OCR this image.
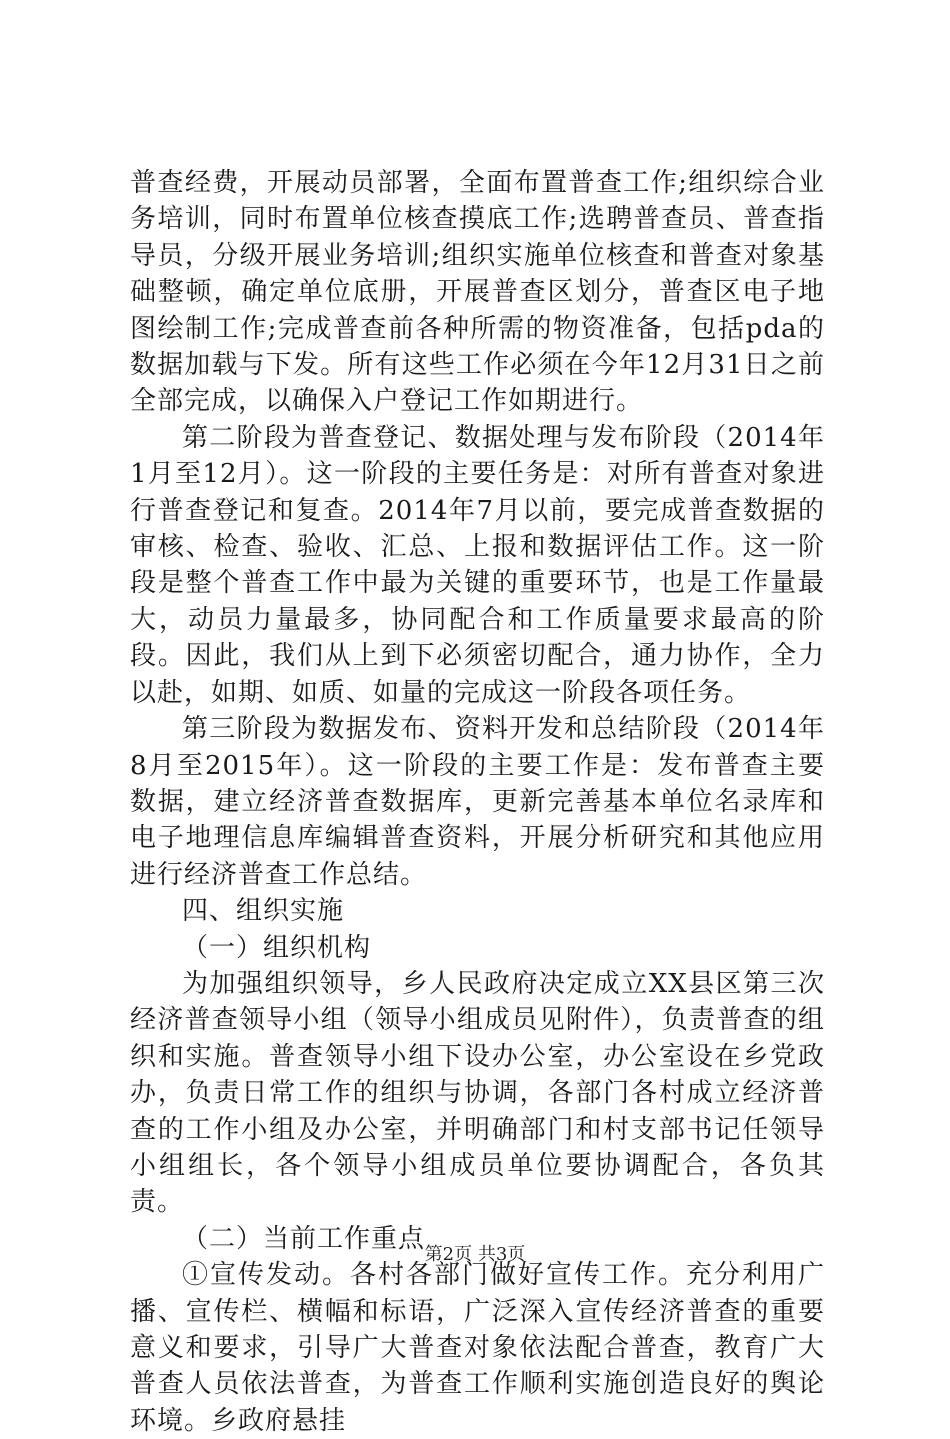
普查经费，开展动员部署，全面布置普查工作;组织综合业务培训，同时布置单位核查摸底工作;选聘普查员、普查指导员，分级开展业务培训;组织实施单位核查和普查对象基础整顿，确定单位底册，开展普查区划分，普查区电子地图绘制工作;完成普查前各种所需的物资准备，包括pda的数据加载与下发。所有这些工作必须在今年12月31日之前全部完成，以确保入户登记工作如期进行。

第二阶段为普查登记、数据处理与发布阶段（2014年1月至12月）。这一阶段的主要任务是：对所有普查对象进行普查登记和复查。2014年7月以前，要完成普查数据的审核、检查、验收、汇总、上报和数据评估工作。这一阶段是整个普查工作中最为关键的重要环节，也是工作量最大，动员力量最多，协同配合和工作质量要求最高的阶段。因此，我们从上到下必须密切配合，通力协作，全力以赴，如期、如质、如量的完成这一阶段各项任务。

第三阶段为数据发布、资料开发和总结阶段（2014年8月至2015年）。这一阶段的主要工作是：发布普查主要数据，建立经济普查数据库，更新完善基本单位名录库和电子地理信息库编辑普查资料，开展分析研究和其他应用进行经济普查工作总结。

四、组织实施

（一）组织机构

为加强组织领导，乡人民政府决定成立XX县区第三次经济普查领导小组（领导小组成员见附件），负责普查的组织和实施。普查领导小组下设办公室，办公室设在乡党政办，负责日常工作的组织与协调，各部门各村成立经济普查的工作小组及办公室，并明确部门和村支部书记任领导小组组长，各个领导小组成员单位要协调配合，各负其责。

（二）当前工作重点

①宣传发动。各村各部门做好宣传工作。充分利用广播、宣传栏、横幅和标语，广泛深入宣传经济普查的重要意义和要求，引导广大普查对象依法配合普查，教育广大普查人员依法普查，为普查工作顺利实施创造良好的舆论环境。乡政府悬挂

第2页 共3页
